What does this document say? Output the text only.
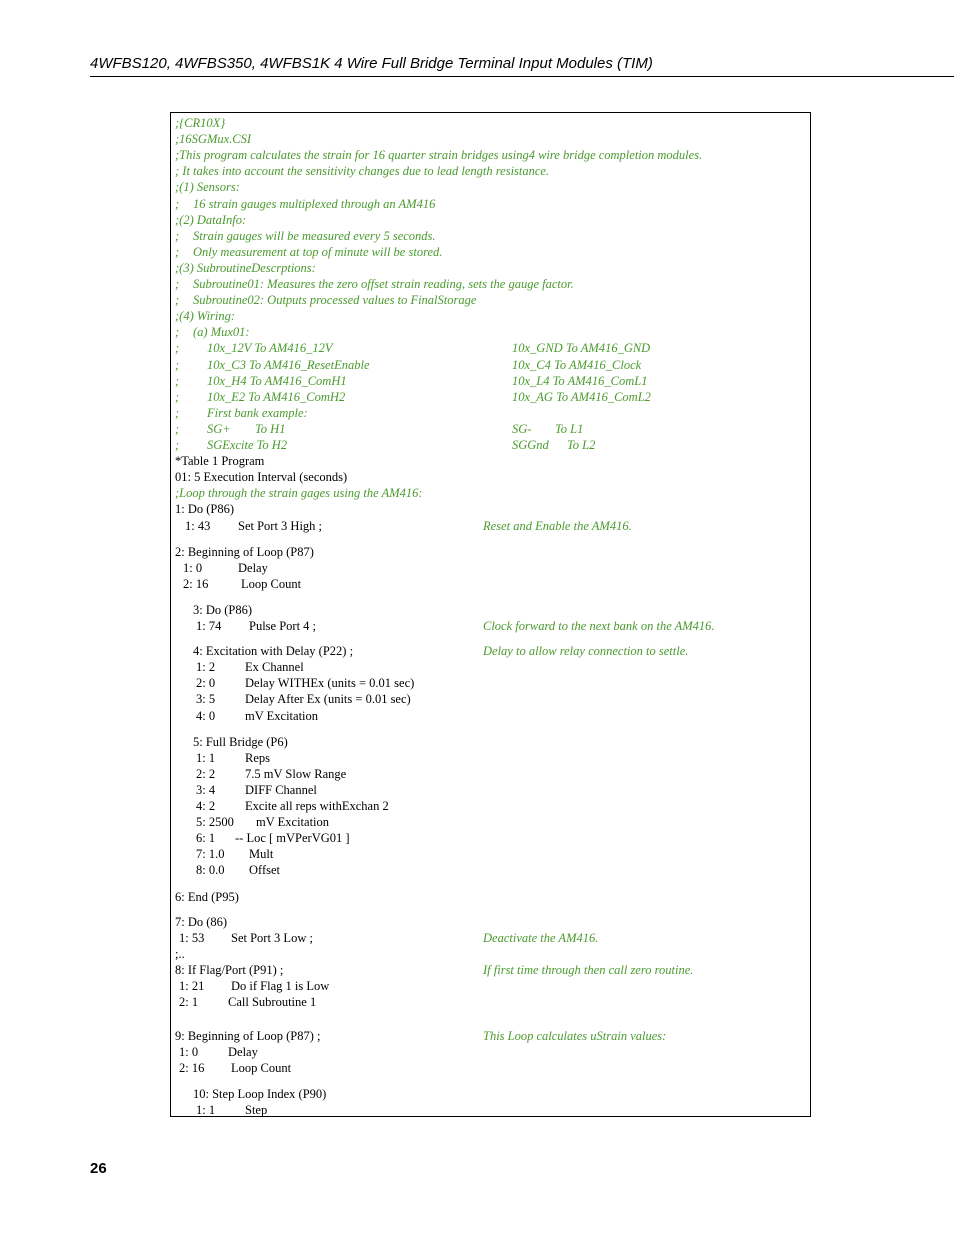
4WFBS120, 4WFBS350, 4WFBS1K 4 Wire Full Bridge Terminal Input Modules (TIM)
;{CR10X}
;16SGMux.CSI
;This program calculates the strain for 16 quarter strain bridges using4 wire bridge completion modules.
; It takes into account the sensitivity changes due to lead length resistance.
;(1) Sensors:
; 16 strain gauges multiplexed through an AM416
;(2) DataInfo:
; Strain gauges will be measured every 5 seconds.
; Only measurement at top of minute will be stored.
;(3) SubroutineDescrptions:
; Subroutine01: Measures the zero offset strain reading, sets the gauge factor.
; Subroutine02: Outputs processed values to FinalStorage
;(4) Wiring:
; (a) Mux01:
; 10x_12V To AM416_12V	10x_GND To AM416_GND
; 10x_C3 To AM416_ResetEnable	10x_C4 To AM416_Clock
; 10x_H4 To AM416_ComH1	10x_L4 To AM416_ComL1
; 10x_E2 To AM416_ComH2	10x_AG To AM416_ComL2
; First bank example:
; SG+ To H1	SG- To L1
; SGExcite To H2	SGGnd To L2
*Table 1 Program
01: 5 Execution Interval (seconds)
;Loop through the strain gages using the AM416:
1: Do (P86)
1: 43 Set Port 3 High ;	Reset and Enable the AM416.
2: Beginning of Loop (P87)
1: 0	Delay
2: 16	Loop Count
3: Do (P86)
1: 74 Pulse Port 4 ;	Clock forward to the next bank on the AM416.
4: Excitation with Delay (P22) ;	Delay to allow relay connection to settle.
1: 2 Ex Channel
2: 0 Delay WITHEx (units = 0.01 sec)
3: 5 Delay After Ex (units = 0.01 sec)
4: 0 mV Excitation
5: Full Bridge (P6)
1: 1 Reps
2: 2 7.5 mV Slow Range
3: 4 DIFF Channel
4: 2 Excite all reps withExchan 2
5: 2500 mV Excitation
6: 1 -- Loc [ mVPerVG01 ]
7: 1.0 Mult
8: 0.0 Offset
6: End (P95)
7: Do (86)
1: 53 Set Port 3 Low ;	Deactivate the AM416.
;..
8: If Flag/Port (P91) ;	If first time through then call zero routine.
1: 21 Do if Flag 1 is Low
2: 1 Call Subroutine 1
9: Beginning of Loop (P87) ;	This Loop calculates uStrain values:
1: 0 Delay
2: 16 Loop Count
10: Step Loop Index (P90)
1: 1 Step
26
